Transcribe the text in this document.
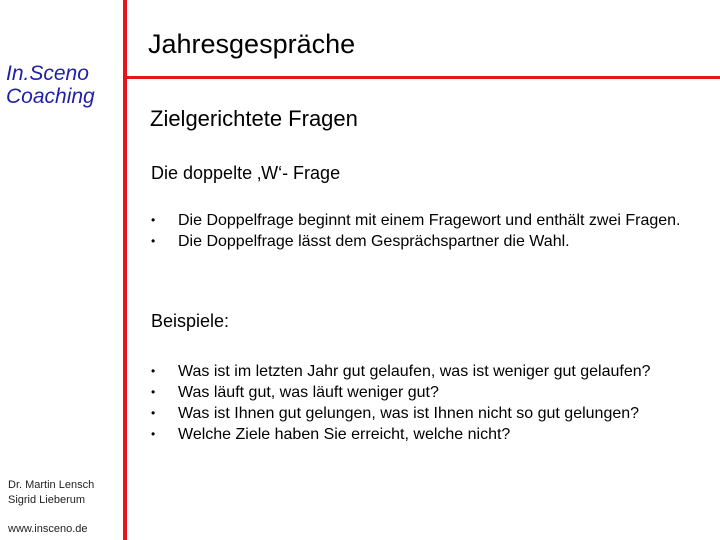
In.Sceno
Coaching
Jahresgespräche
Zielgerichtete Fragen
Die doppelte ‚W‘- Frage
•	Die Doppelfrage beginnt mit einem Fragewort und enthält zwei Fragen.
•	Die Doppelfrage lässt dem Gesprächspartner die Wahl.
Beispiele:
•	Was ist im letzten Jahr gut gelaufen, was ist weniger gut gelaufen?
•	Was läuft gut, was läuft weniger gut?
•	Was ist Ihnen gut gelungen, was ist Ihnen nicht so gut gelungen?
•	Welche Ziele haben Sie erreicht, welche nicht?
Dr. Martin Lensch
Sigrid Lieberum
www.insceno.de
